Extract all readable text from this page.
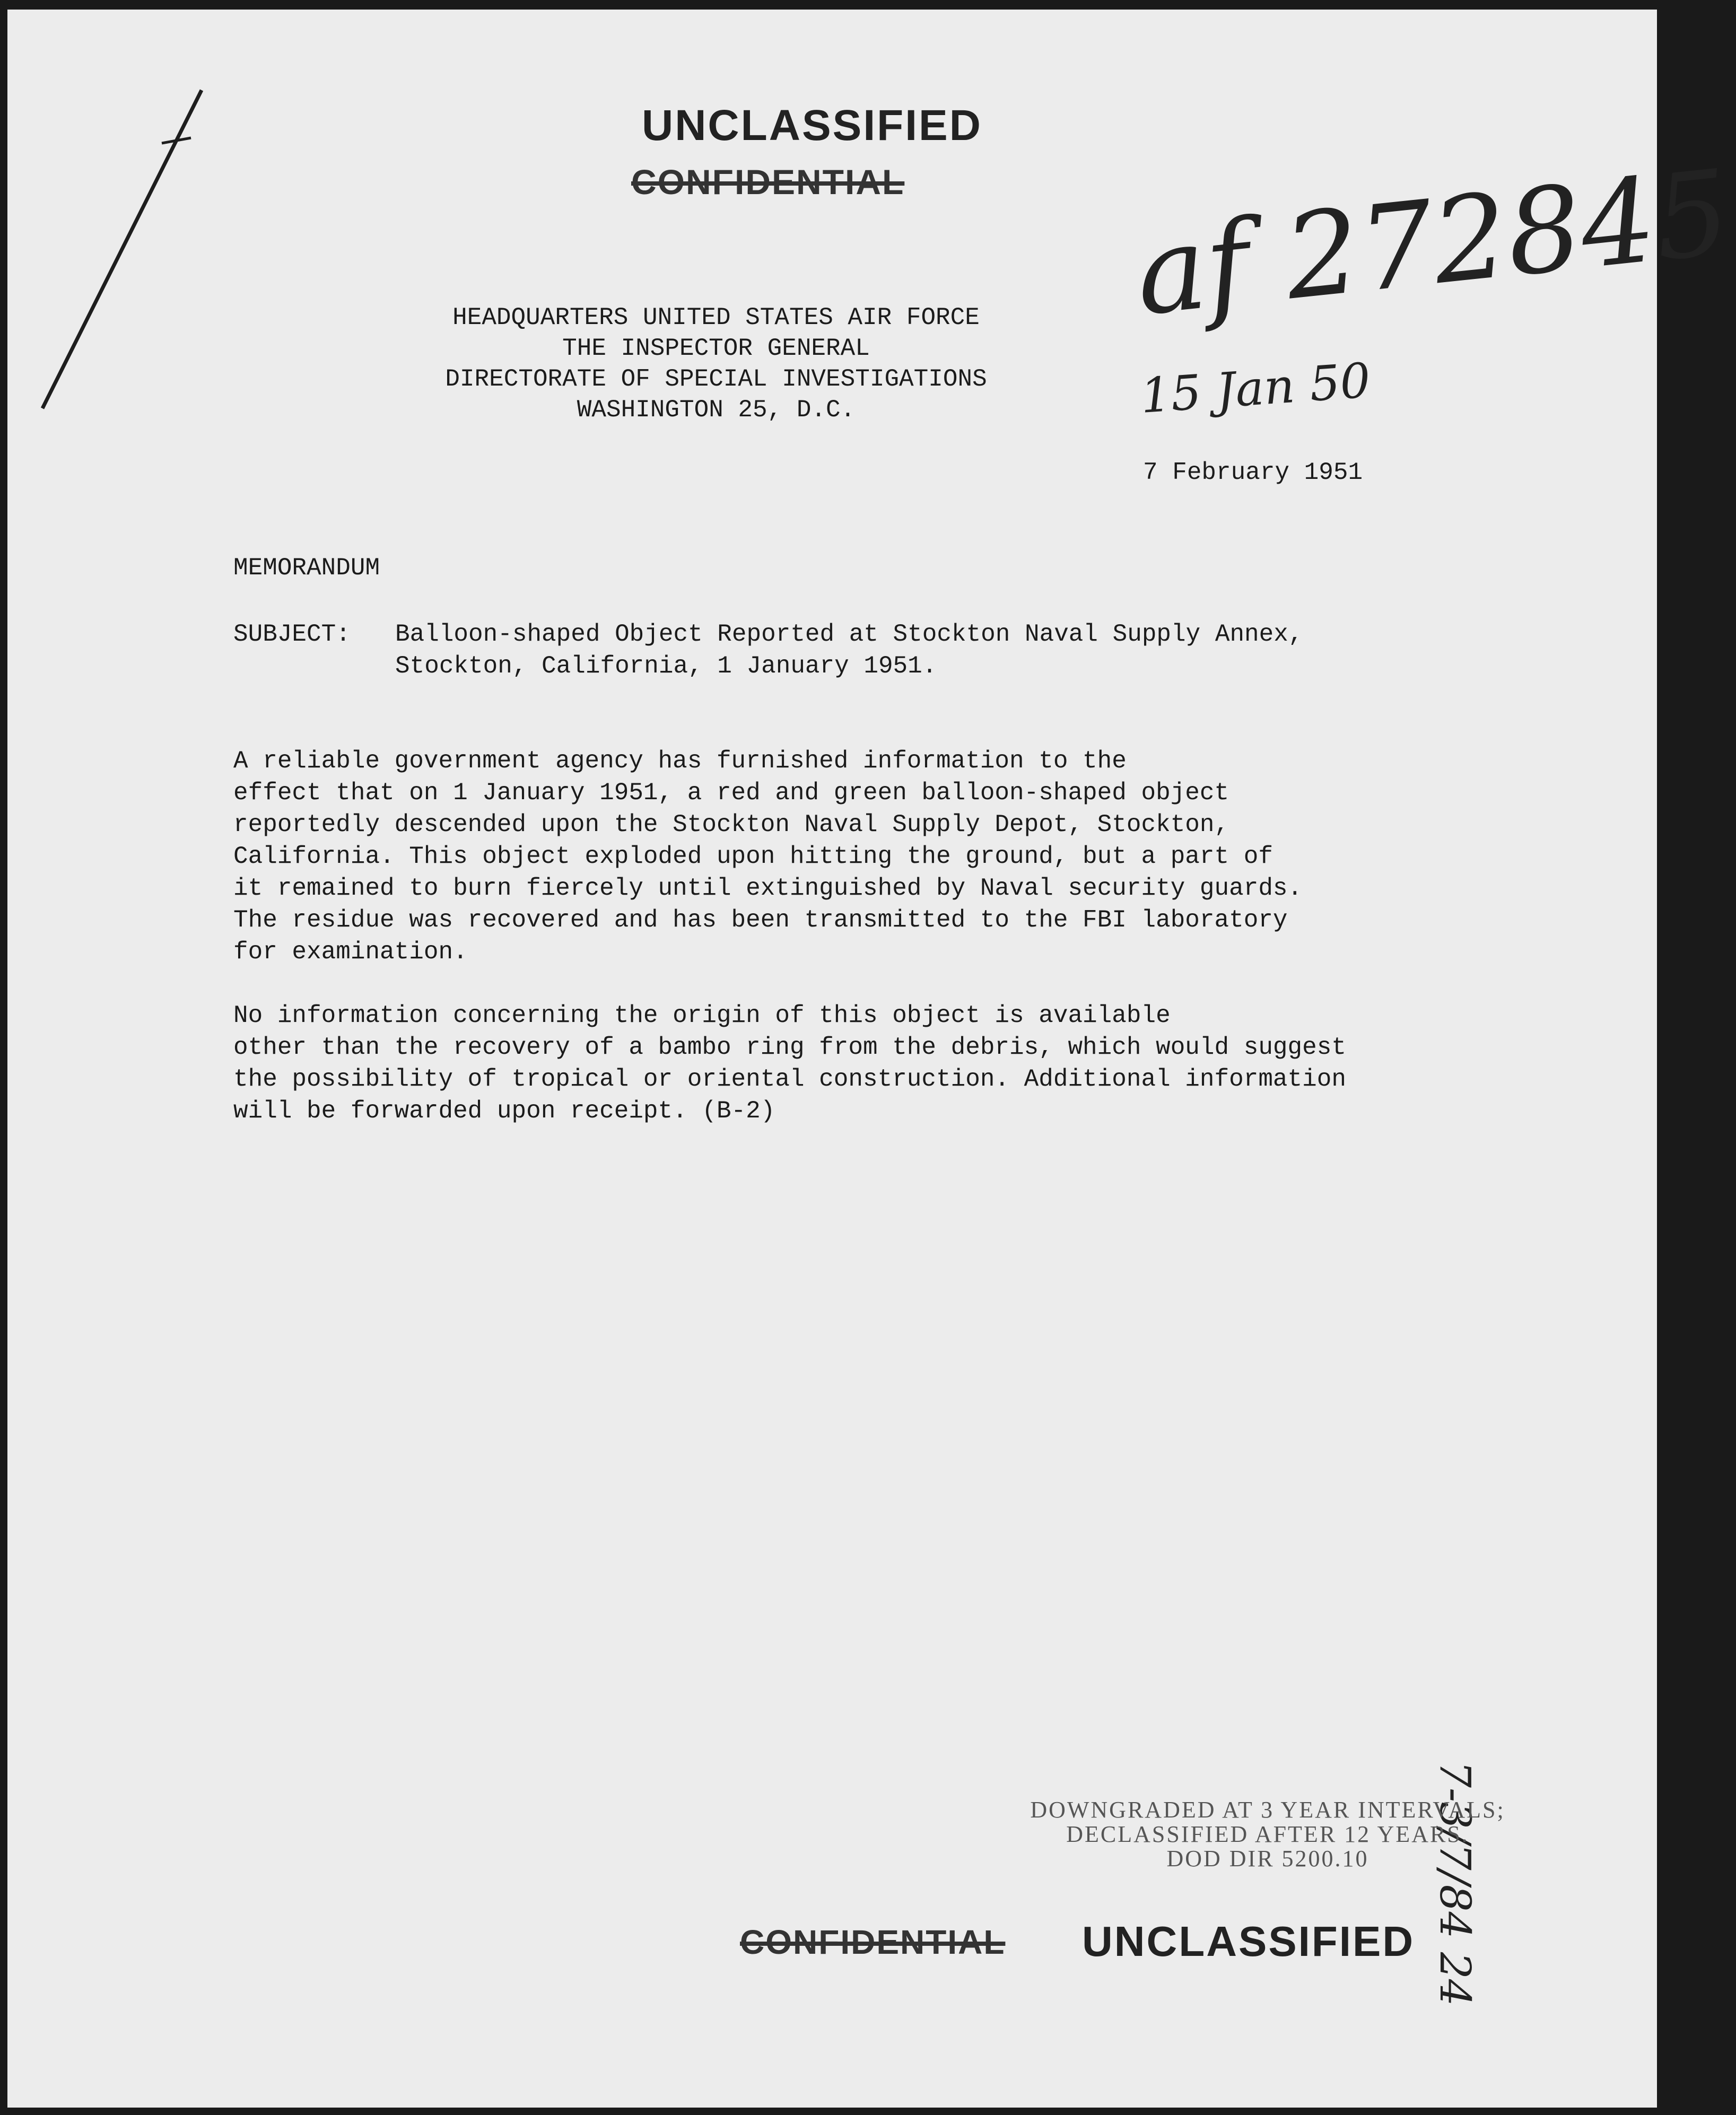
UNCLASSIFIED
CONFIDENTIAL af 272845
15 Jan 50
HEADQUARTERS UNITED STATES AIR FORCE
THE INSPECTOR GENERAL
DIRECTORATE OF SPECIAL INVESTIGATIONS
WASHINGTON 25, D.C.
7 February 1951
MEMORANDUM
SUBJECT: Balloon-shaped Object Reported at Stockton Naval Supply Annex,
Stockton, California, 1 January 1951.
A reliable government agency has furnished information to the
effect that on 1 January 1951, a red and green balloon-shaped object
reportedly descended upon the Stockton Naval Supply Depot, Stockton,
California. This object exploded upon hitting the ground, but a part of
it remained to burn fiercely until extinguished by Naval security guards.
The residue was recovered and has been transmitted to the FBI laboratory
for examination.
No information concerning the origin of this object is available
other than the recovery of a bambo ring from the debris, which would suggest
the possibility of tropical or oriental construction. Additional information
will be forwarded upon receipt. (B-2)
7-3/7/84 24
DOWNGRADED AT 3 YEAR INTERVALS;
DECLASSIFIED AFTER 12 YEARS.
DOD DIR 5200.10
CONFIDENTIAL UNCLASSIFIED
